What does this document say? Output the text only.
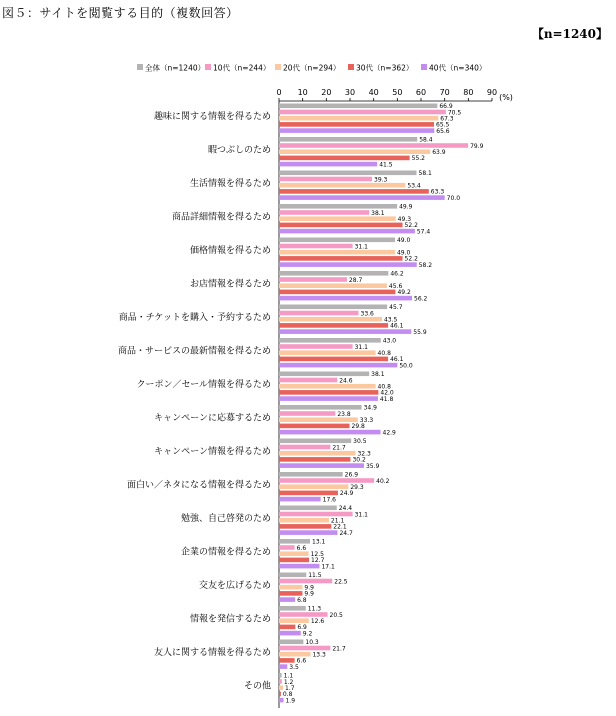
図５：サイトを閲覧する目的（複数回答）
【n=1240】
全体（n=1240） 10代（n=244） 20代（n=294） 30代（n=362） 40代（n=340）
0 10 20 30 40 50 60 70 80 90
(%)
趣味に関する情報を得るため
66.9
70.5
67.3
65.5
65.6
暇つぶしのため
58.4
79.9
63.9
55.2
41.5
生活情報を得るため
58.1
39.3
53.4
63.3
70.0
商品詳細情報を得るため
49.9
38.1
49.3
52.2
57.4
価格情報を得るため
49.0
31.1
49.0
52.2
58.2
お店情報を得るため
46.2
28.7
45.6
49.2
56.2
商品・チケットを購入・予約するため
45.7
33.6
43.5
46.1
55.9
商品・サービスの最新情報を得るため
43.0
31.1
40.8
46.1
50.0
クーポン／セール情報を得るため
38.1
24.6
40.8
42.0
41.8
キャンペーンに応募するため
34.9
23.8
33.3
29.8
42.9
キャンペーン情報を得るため
30.5
21.7
32.3
30.2
35.9
面白い／ネタになる情報を得るため
26.9
40.2
29.3
24.9
17.6
勉強、自己啓発のため
24.4
31.1
21.1
22.1
24.7
企業の情報を得るため
13.1
6.6
12.5
12.7
17.1
交友を広げるため
11.5
22.5
9.9
9.9
6.8
情報を発信するため
11.3
20.5
12.6
6.9
9.2
友人に関する情報を得るため
10.3
21.7
13.3
6.6
3.5
その他
1.1
1.2
1.7
0.8
1.9
